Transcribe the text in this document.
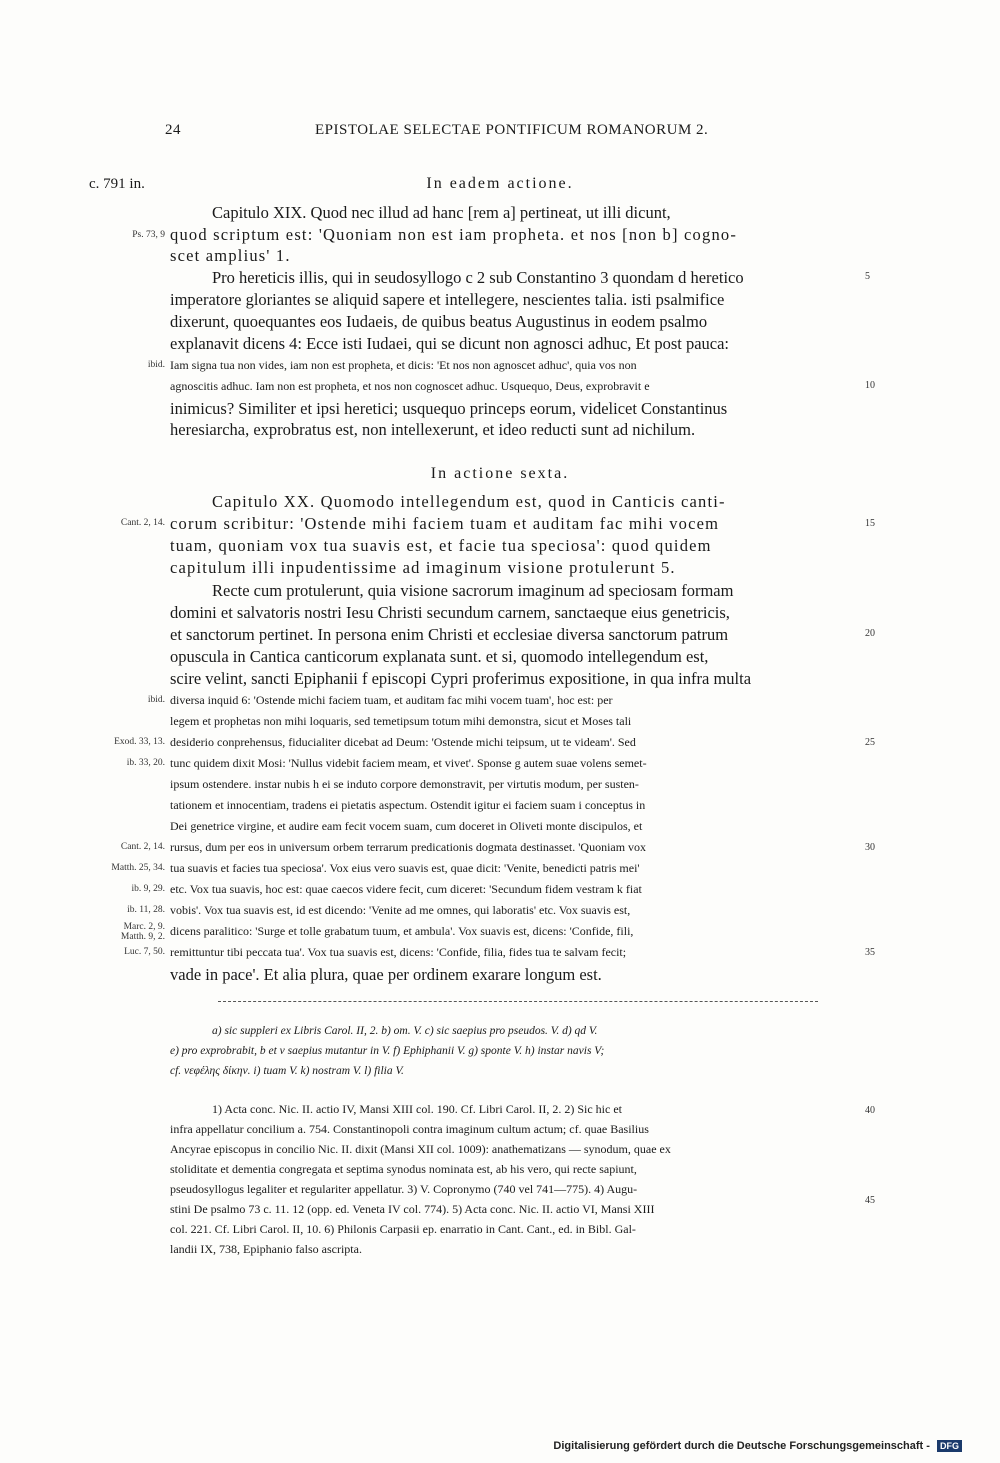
24	EPISTOLAE SELECTAE PONTIFICUM ROMANORUM 2.
c. 791 in.	In eadem actione.
Capitulo XIX. Quod nec illud ad hanc [rem a] pertineat, ut illi dicunt,
quod scriptum est: 'Quoniam non est iam propheta. et nos [non b] cogno-
scet amplius' 1.
Pro hereticis illis, qui in seudosyllogo c 2 sub Constantino 3 quondam d heretico
imperatore gloriantes se aliquid sapere et intellegere, nescientes talia. isti psalmifice
dixerunt, quoequantes eos Iudaeis, de quibus beatus Augustinus in eodem psalmo
explanavit dicens 4: Ecce isti Iudaei, qui se dicunt non agnosci adhuc, Et post pauca:
Iam signa tua non vides, iam non est propheta, et dicis: 'Et nos non agnoscet adhuc', quia vos non
agnoscitis adhuc. Iam non est propheta, et nos non cognoscet adhuc. Usquequo, Deus, exprobravit e
inimicus? Similiter et ipsi heretici; usquequo princeps eorum, videlicet Constantinus
heresiarcha, exprobratus est, non intellexerunt, et ideo reducti sunt ad nichilum.
In actione sexta.
Capitulo XX. Quomodo intellegendum est, quod in Canticis canti-
corum scribitur: 'Ostende mihi faciem tuam et auditam fac mihi vocem
tuam, quoniam vox tua suavis est, et facie tua speciosa': quod quidem
capitulum illi inpudentissime ad imaginum visione protulerunt 5.
Recte cum protulerunt, quia visione sacrorum imaginum ad speciosam formam
domini et salvatoris nostri Iesu Christi secundum carnem, sanctaeque eius genetricis,
et sanctorum pertinet. In persona enim Christi et ecclesiae diversa sanctorum patrum
opuscula in Cantica canticorum explanata sunt. et si, quomodo intellegendum est,
scire velint, sancti Epiphanii f episcopi Cypri proferimus expositione, in qua infra multa
diversa inquid 6: 'Ostende michi faciem tuam, et auditam fac mihi vocem tuam', hoc est: per
legem et prophetas non mihi loquaris, sed temetipsum totum mihi demonstra, sicut et Moses tali
desiderio conprehensus, fiducialiter dicebat ad Deum: 'Ostende michi teipsum, ut te videam'. Sed
tunc quidem dixit Mosi: 'Nullus videbit faciem meam, et vivet'. Sponse g autem suae volens semet-
ipsum ostendere. instar nubis h ei se induto corpore demonstravit, per virtutis modum, per susten-
tationem et innocentiam, tradens ei pietatis aspectum. Ostendit igitur ei faciem suam i conceptus in
Dei genetrice virgine, et audire eam fecit vocem suam, cum doceret in Oliveti monte discipulos, et
rursus, dum per eos in universum orbem terrarum predicationis dogmata destinasset. 'Quoniam vox
tua suavis et facies tua speciosa'. Vox eius vero suavis est, quae dicit: 'Venite, benedicti patris mei'
etc. Vox tua suavis, hoc est: quae caecos videre fecit, cum diceret: 'Secundum fidem vestram k fiat
vobis'. Vox tua suavis est, id est dicendo: 'Venite ad me omnes, qui laboratis' etc. Vox suavis est,
dicens paralitico: 'Surge et tolle grabatum tuum, et ambula'. Vox suavis est, dicens: 'Confide, fili,
remittuntur tibi peccata tua'. Vox tua suavis est, dicens: 'Confide, filia, fides tua te salvam fecit;
vade in pace'. Et alia plura, quae per ordinem exarare longum est.
Ps. 73, 9
ibid.
Cant. 2, 14.
ibid.
Exod. 33, 13.
ib. 33, 20.
Cant. 2, 14.
Matth. 25, 34.
ib. 9, 29.
ib. 11, 28.
Marc. 2, 9.
Matth. 9, 2.
Luc. 7, 50.
5
10
15
20
25
30
35
40
45
a) sic suppleri ex Libris Carol. II, 2. b) om. V. c) sic saepius pro pseudos. V. d) qd V.
e) pro exprobrabit, b et v saepius mutantur in V. f) Ephiphanii V. g) sponte V. h) instar navis V;
cf. νεφέλης δίκην. i) tuam V. k) nostram V. l) filia V.
1) Acta conc. Nic. II. actio IV, Mansi XIII col. 190. Cf. Libri Carol. II, 2. 2) Sic hic et
infra appellatur concilium a. 754. Constantinopoli contra imaginum cultum actum; cf. quae Basilius
Ancyrae episcopus in concilio Nic. II. dixit (Mansi XII col. 1009): anathematizans — synodum, quae ex
stoliditate et dementia congregata et septima synodus nominata est, ab his vero, qui recte sapiunt,
pseudosyllogus legaliter et regulariter appellatur. 3) V. Copronymo (740 vel 741—775). 4) Augu-
stini De psalmo 73 c. 11. 12 (opp. ed. Veneta IV col. 774). 5) Acta conc. Nic. II. actio VI, Mansi XIII
col. 221. Cf. Libri Carol. II, 10. 6) Philonis Carpasii ep. enarratio in Cant. Cant., ed. in Bibl. Gal-
landii IX, 738, Epiphanio falso ascripta.
Digitalisierung gefördert durch die Deutsche Forschungsgemeinschaft - DFG
